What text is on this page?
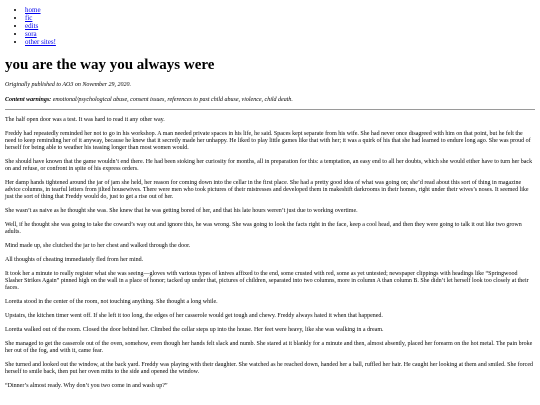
• home
• fic
• edits
• sora
• other sites!
you are the way you always were

Originally published to AO3 on November 29, 2020.

Content warnings: emotional/psychological abuse, consent issues, references to past child abuse, violence, child death.

The half open door was a test. It was hard to read it any other way.

Freddy had repeatedly reminded her not to go in his workshop. A man needed private spaces in his life, he said. Spaces kept separate from his wife. She had never once disagreed with him on that point, but he felt the need to keep reminding her of it anyway, because he knew that it secretly made her unhappy. He liked to play little games like that with her; it was a quirk of his that she had learned to endure long ago. She was proud of herself for being able to weather his teasing longer than most women would.

She should have known that the game wouldn’t end there. He had been stoking her curiosity for months, all in preparation for this: a temptation, an easy end to all her doubts, which she would either have to turn her back on and refuse, or confront in spite of his express orders.

Her damp hands tightened around the jar of jam she held, her reason for coming down into the cellar in the first place. She had a pretty good idea of what was going on; she’d read about this sort of thing in magazine advice columns, in tearful letters from jilted housewives. There were men who took pictures of their mistresses and developed them in makeshift darkrooms in their homes, right under their wives’s noses. It seemed like just the sort of thing that Freddy would do, just to get a rise out of her.

She wasn’t as naive as he thought she was. She knew that he was getting bored of her, and that his late hours weren’t just due to working overtime.

Well, if he thought she was going to take the coward’s way out and ignore this, he was wrong. She was going to look the facts right in the face, keep a cool head, and then they were going to talk it out like two grown adults.

Mind made up, she clutched the jar to her chest and walked through the door.

All thoughts of cheating immediately fled from her mind.

It took her a minute to really register what she was seeing—gloves with various types of knives affixed to the end, some crusted with red, some as yet untested; newspaper clippings with headings like “Springwood Slasher Strikes Again” pinned high on the wall in a place of honor; tacked up under that, pictures of children, separated into two columns, more in column A than column B. She didn’t let herself look too closely at their faces.

Loretta stood in the center of the room, not touching anything. She thought a long while.

Upstairs, the kitchen timer went off. If she left it too long, the edges of her casserole would get tough and chewy. Freddy always hated it when that happened.

Loretta walked out of the room. Closed the door behind her. Climbed the cellar steps up into the house. Her feet were heavy, like she was walking in a dream.

She managed to get the casserole out of the oven, somehow, even though her hands felt slack and numb. She stared at it blankly for a minute and then, almost absently, placed her forearm on the hot metal. The pain broke her out of the fog, and with it, came fear.

She turned and looked out the window, at the back yard. Freddy was playing with their daughter. She watched as he reached down, handed her a ball, ruffled her hair. He caught her looking at them and smiled. She forced herself to smile back, then put her oven mitts to the side and opened the window.

“Dinner’s almost ready. Why don’t you two come in and wash up?”
